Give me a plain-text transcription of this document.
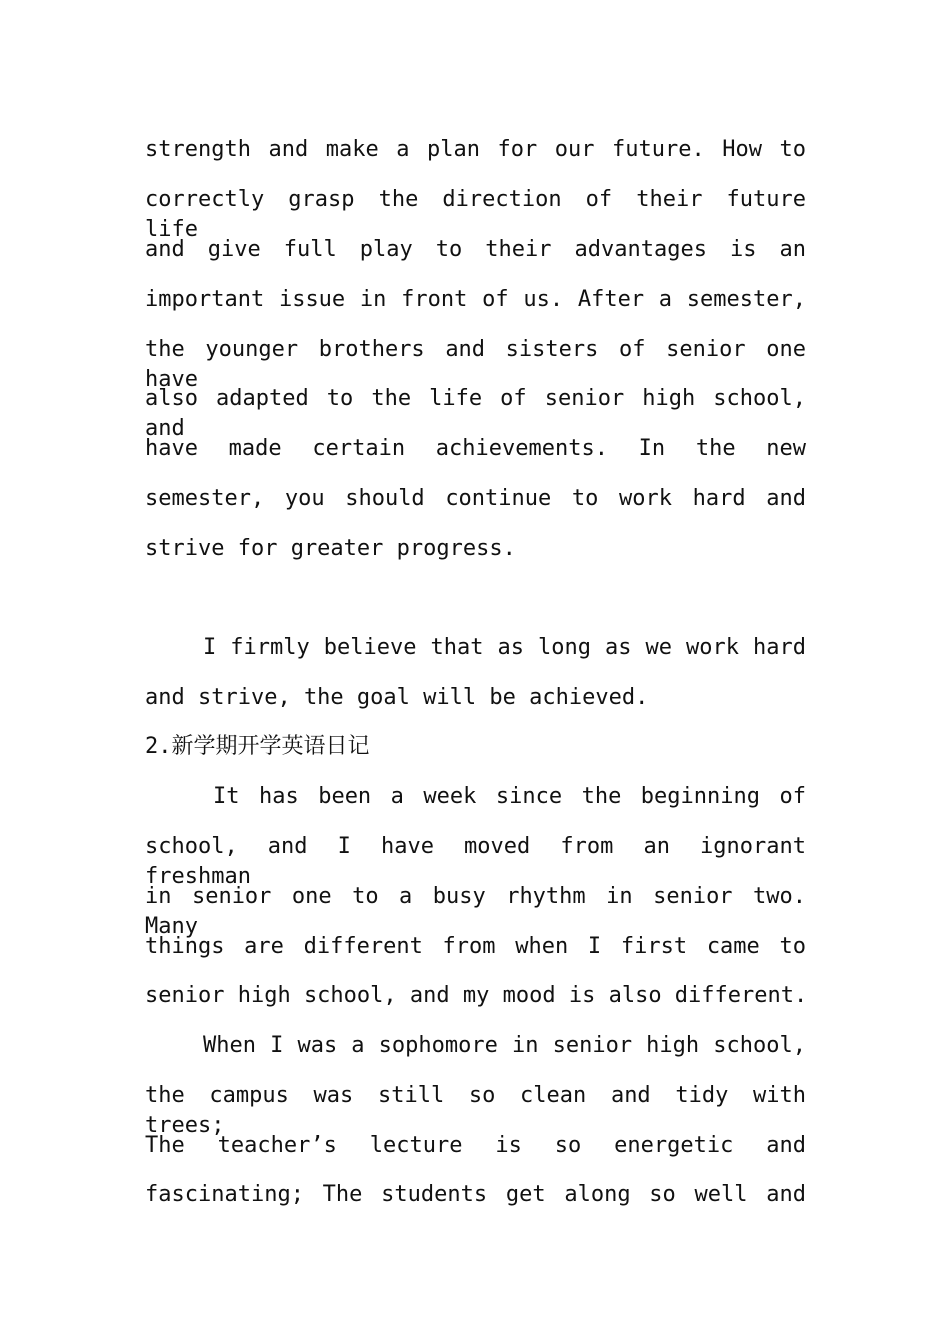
strength and make a plan for our future. How to
correctly grasp the direction of their future life
and give full play to their advantages is an
important issue in front of us. After a semester,
the younger brothers and sisters of senior one have
also adapted to the life of senior high school, and
have made certain achievements. In the new
semester, you should continue to work hard and
strive for greater progress.
I firmly believe that as long as we work hard
and strive, the goal will be achieved.
2.新学期开学英语日记
It has been a week since the beginning of
school, and I have moved from an ignorant freshman
in senior one to a busy rhythm in senior two. Many
things are different from when I first came to
senior high school, and my mood is also different.
When I was a sophomore in senior high school,
the campus was still so clean and tidy with trees;
The teacher’s lecture is so energetic and
fascinating; The students get along so well and
